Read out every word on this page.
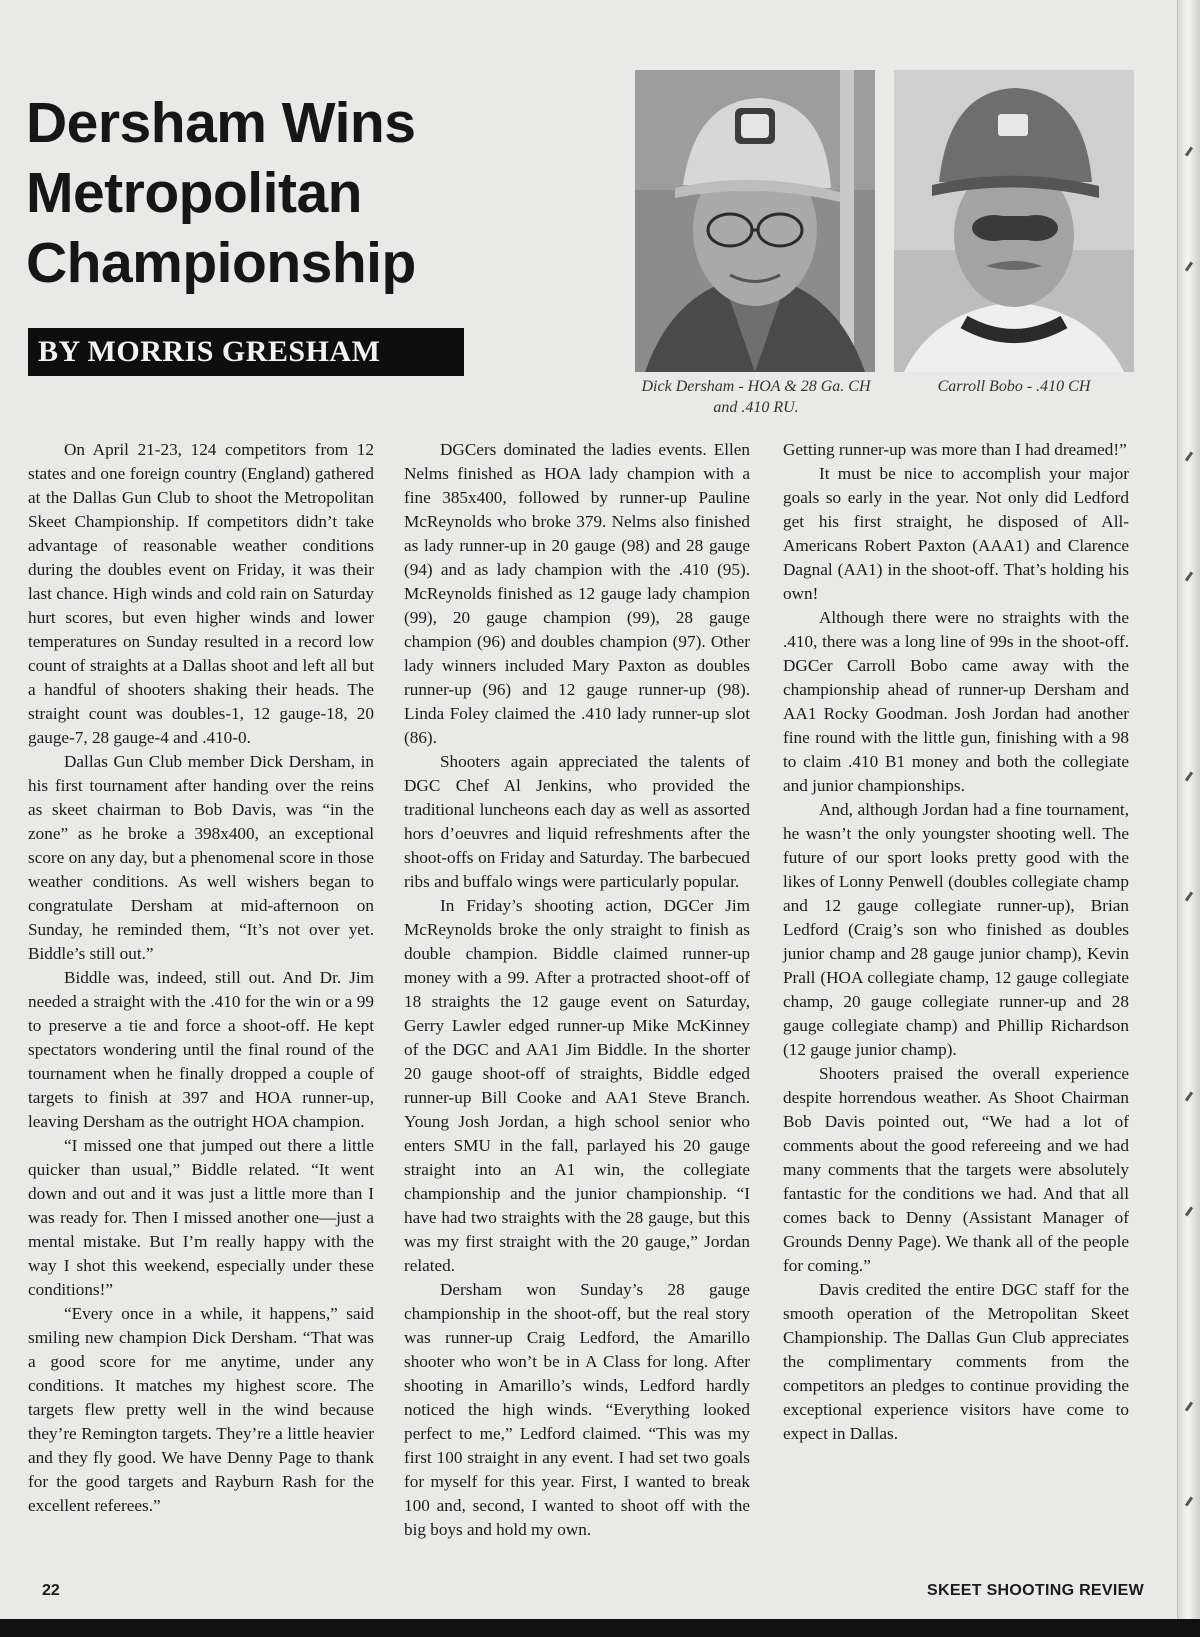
Dersham Wins Metropolitan Championship
BY MORRIS GRESHAM
Dick Dersham - HOA & 28 Ga. CH and .410 RU.
Carroll Bobo - .410 CH

On April 21-23, 124 competitors from 12 states and one foreign country (England) gathered at the Dallas Gun Club to shoot the Metropolitan Skeet Championship. If competitors didn’t take advantage of reasonable weather conditions during the doubles event on Friday, it was their last chance. High winds and cold rain on Saturday hurt scores, but even higher winds and lower temperatures on Sunday resulted in a record low count of straights at a Dallas shoot and left all but a handful of shooters shaking their heads. The straight count was doubles-1, 12 gauge-18, 20 gauge-7, 28 gauge-4 and .410-0.

Dallas Gun Club member Dick Dersham, in his first tournament after handing over the reins as skeet chairman to Bob Davis, was “in the zone” as he broke a 398x400, an exceptional score on any day, but a phenomenal score in those weather conditions. As well wishers began to congratulate Dersham at mid-afternoon on Sunday, he reminded them, “It’s not over yet. Biddle’s still out.”

Biddle was, indeed, still out. And Dr. Jim needed a straight with the .410 for the win or a 99 to preserve a tie and force a shoot-off. He kept spectators wondering until the final round of the tournament when he finally dropped a couple of targets to finish at 397 and HOA runner-up, leaving Dersham as the outright HOA champion.

“I missed one that jumped out there a little quicker than usual,” Biddle related. “It went down and out and it was just a little more than I was ready for. Then I missed another one—just a mental mistake. But I’m really happy with the way I shot this weekend, especially under these conditions!”

“Every once in a while, it happens,” said smiling new champion Dick Dersham. “That was a good score for me anytime, under any conditions. It matches my highest score. The targets flew pretty well in the wind because they’re Remington targets. They’re a little heavier and they fly good. We have Denny Page to thank for the good targets and Rayburn Rash for the excellent referees.”

DGCers dominated the ladies events. Ellen Nelms finished as HOA lady champion with a fine 385x400, followed by runner-up Pauline McReynolds who broke 379. Nelms also finished as lady runner-up in 20 gauge (98) and 28 gauge (94) and as lady champion with the .410 (95). McReynolds finished as 12 gauge lady champion (99), 20 gauge champion (99), 28 gauge champion (96) and doubles champion (97). Other lady winners included Mary Paxton as doubles runner-up (96) and 12 gauge runner-up (98). Linda Foley claimed the .410 lady runner-up slot (86).

Shooters again appreciated the talents of DGC Chef Al Jenkins, who provided the traditional luncheons each day as well as assorted hors d’oeuvres and liquid refreshments after the shoot-offs on Friday and Saturday. The barbecued ribs and buffalo wings were particularly popular.

In Friday’s shooting action, DGCer Jim McReynolds broke the only straight to finish as double champion. Biddle claimed runner-up money with a 99. After a protracted shoot-off of 18 straights the 12 gauge event on Saturday, Gerry Lawler edged runner-up Mike McKinney of the DGC and AA1 Jim Biddle. In the shorter 20 gauge shoot-off of straights, Biddle edged runner-up Bill Cooke and AA1 Steve Branch. Young Josh Jordan, a high school senior who enters SMU in the fall, parlayed his 20 gauge straight into an A1 win, the collegiate championship and the junior championship. “I have had two straights with the 28 gauge, but this was my first straight with the 20 gauge,” Jordan related.

Dersham won Sunday’s 28 gauge championship in the shoot-off, but the real story was runner-up Craig Ledford, the Amarillo shooter who won’t be in A Class for long. After shooting in Amarillo’s winds, Ledford hardly noticed the high winds. “Everything looked perfect to me,” Ledford claimed. “This was my first 100 straight in any event. I had set two goals for myself for this year. First, I wanted to break 100 and, second, I wanted to shoot off with the big boys and hold my own.

Getting runner-up was more than I had dreamed!”

It must be nice to accomplish your major goals so early in the year. Not only did Ledford get his first straight, he disposed of All-Americans Robert Paxton (AAA1) and Clarence Dagnal (AA1) in the shoot-off. That’s holding his own!

Although there were no straights with the .410, there was a long line of 99s in the shoot-off. DGCer Carroll Bobo came away with the championship ahead of runner-up Dersham and AA1 Rocky Goodman. Josh Jordan had another fine round with the little gun, finishing with a 98 to claim .410 B1 money and both the collegiate and junior championships.

And, although Jordan had a fine tournament, he wasn’t the only youngster shooting well. The future of our sport looks pretty good with the likes of Lonny Penwell (doubles collegiate champ and 12 gauge collegiate runner-up), Brian Ledford (Craig’s son who finished as doubles junior champ and 28 gauge junior champ), Kevin Prall (HOA collegiate champ, 12 gauge collegiate champ, 20 gauge collegiate runner-up and 28 gauge collegiate champ) and Phillip Richardson (12 gauge junior champ).

Shooters praised the overall experience despite horrendous weather. As Shoot Chairman Bob Davis pointed out, “We had a lot of comments about the good refereeing and we had many comments that the targets were absolutely fantastic for the conditions we had. And that all comes back to Denny (Assistant Manager of Grounds Denny Page). We thank all of the people for coming.”

Davis credited the entire DGC staff for the smooth operation of the Metropolitan Skeet Championship. The Dallas Gun Club appreciates the complimentary comments from the competitors an pledges to continue providing the exceptional experience visitors have come to expect in Dallas.

22	SKEET SHOOTING REVIEW
